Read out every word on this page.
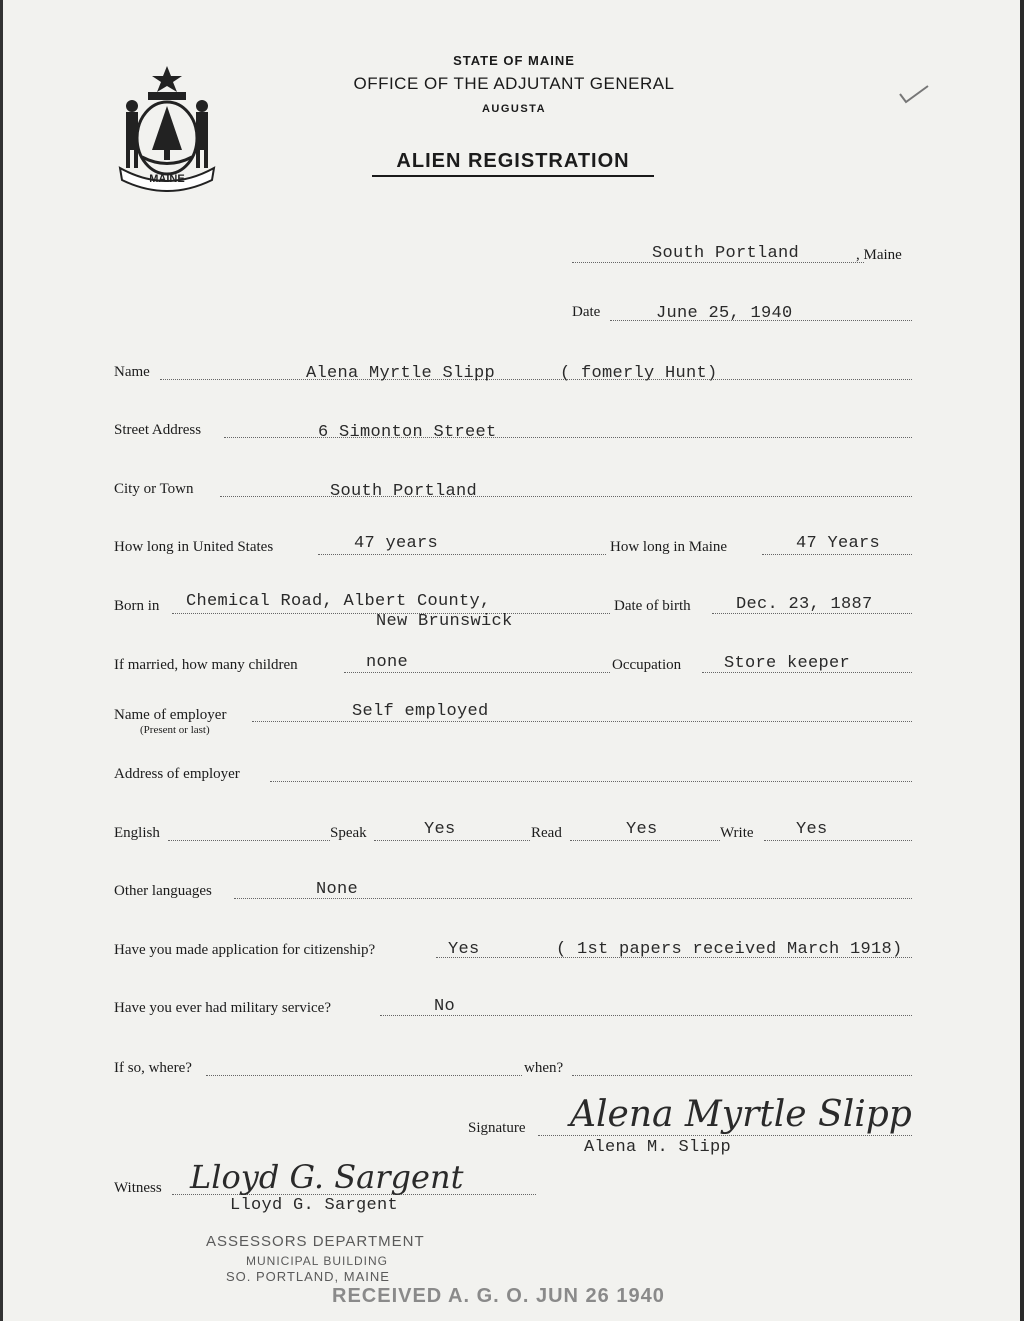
MAINE
STATE OF MAINE
OFFICE OF THE ADJUTANT GENERAL
AUGUSTA
ALIEN REGISTRATION
South Portland	, Maine
Date	June 25, 1940
Name	Alena Myrtle Slipp	( fomerly Hunt)
Street Address	6 Simonton Street
City or Town	South Portland
How long in United States	47 years	How long in Maine	47 Years
Born in Chemical Road, Albert County,
New Brunswick
Date of birth	Dec. 23, 1887
If married, how many children	none	Occupation	Store keeper
Name of employer
(Present or last)
Self employed
Address of employer
English	Speak	Yes	Read	Yes	Write Yes
Other languages	None
Have you made application for citizenship?	Yes	( 1st papers received March 1918)
Have you ever had military service?	No
If so, where?	when?
Signature Alena Myrtle Slipp
Alena M. Slipp
Witness Lloyd G. Sargent
Lloyd G. Sargent
ASSESSORS DEPARTMENT
MUNICIPAL BUILDING
SO. PORTLAND, MAINE
RECEIVED A. G. O. JUN 26 1940
